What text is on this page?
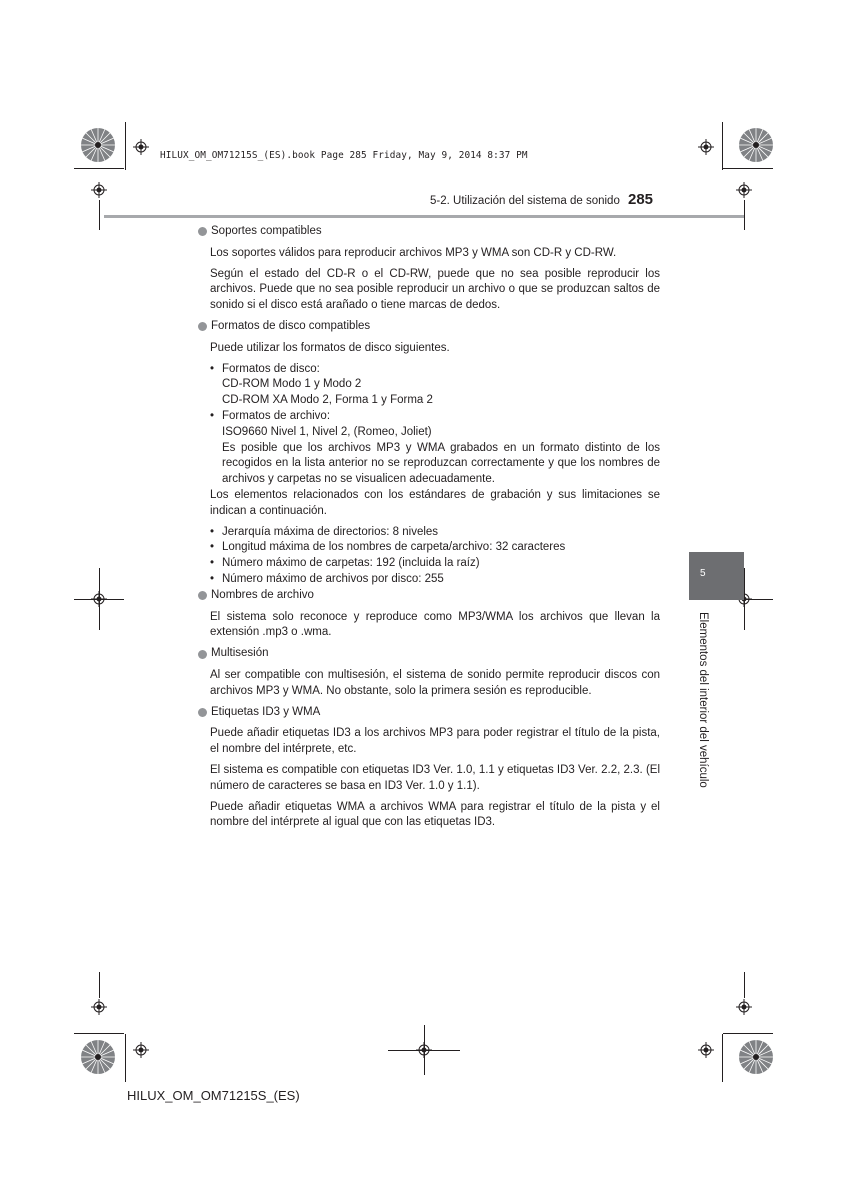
HILUX_OM_OM71215S_(ES).book Page 285 Friday, May 9, 2014 8:37 PM
5-2. Utilización del sistema de sonido 285
5
Elementos del interior del vehículo
Soportes compatibles

Los soportes válidos para reproducir archivos MP3 y WMA son CD-R y CD-RW.

Según el estado del CD-R o el CD-RW, puede que no sea posible reproducir los archivos. Puede que no sea posible reproducir un archivo o que se produzcan saltos de sonido si el disco está arañado o tiene marcas de dedos.

Formatos de disco compatibles

Puede utilizar los formatos de disco siguientes.

• Formatos de disco:
CD-ROM Modo 1 y Modo 2
CD-ROM XA Modo 2, Forma 1 y Forma 2
• Formatos de archivo:
ISO9660 Nivel 1, Nivel 2, (Romeo, Joliet)
Es posible que los archivos MP3 y WMA grabados en un formato distinto de los recogidos en la lista anterior no se reproduzcan correctamente y que los nombres de archivos y carpetas no se visualicen adecuadamente.

Los elementos relacionados con los estándares de grabación y sus limitaciones se indican a continuación.

• Jerarquía máxima de directorios: 8 niveles
• Longitud máxima de los nombres de carpeta/archivo: 32 caracteres
• Número máximo de carpetas: 192 (incluida la raíz)
• Número máximo de archivos por disco: 255
Nombres de archivo

El sistema solo reconoce y reproduce como MP3/WMA los archivos que llevan la extensión .mp3 o .wma.

Multisesión

Al ser compatible con multisesión, el sistema de sonido permite reproducir discos con archivos MP3 y WMA. No obstante, solo la primera sesión es reproducible.

Etiquetas ID3 y WMA

Puede añadir etiquetas ID3 a los archivos MP3 para poder registrar el título de la pista, el nombre del intérprete, etc.

El sistema es compatible con etiquetas ID3 Ver. 1.0, 1.1 y etiquetas ID3 Ver. 2.2, 2.3. (El número de caracteres se basa en ID3 Ver. 1.0 y 1.1).

Puede añadir etiquetas WMA a archivos WMA para registrar el título de la pista y el nombre del intérprete al igual que con las etiquetas ID3.

HILUX_OM_OM71215S_(ES)
